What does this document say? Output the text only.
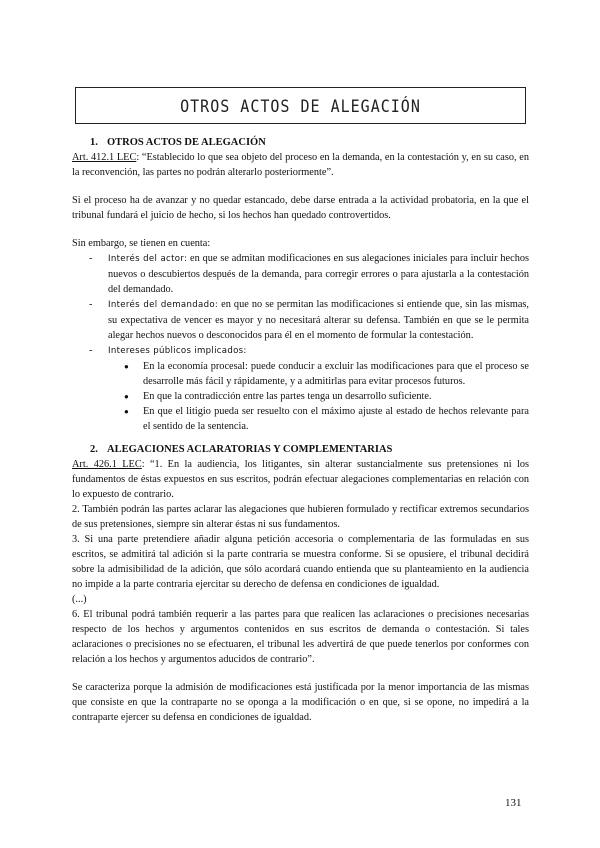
OTROS ACTOS DE ALEGACIÓN
1. OTROS ACTOS DE ALEGACIÓN

Art. 412.1 LEC: “Establecido lo que sea objeto del proceso en la demanda, en la contestación y, en su caso, en la reconvención, las partes no podrán alterarlo posteriormente”.

Si el proceso ha de avanzar y no quedar estancado, debe darse entrada a la actividad probatoria, en la que el tribunal fundará el juicio de hecho, si los hechos han quedado controvertidos.

Sin embargo, se tienen en cuenta:

- Interés del actor: en que se admitan modificaciones en sus alegaciones iniciales para incluir hechos nuevos o descubiertos después de la demanda, para corregir errores o para ajustarla a la contestación del demandado.
- Interés del demandado: en que no se permitan las modificaciones si entiende que, sin las mismas, su expectativa de vencer es mayor y no necesitará alterar su defensa. También en que se le permita alegar hechos nuevos o desconocidos para él en el momento de formular la contestación.
- Intereses públicos implicados:
● En la economía procesal: puede conducir a excluir las modificaciones para que el proceso se desarrolle más fácil y rápidamente, y a admitirlas para evitar procesos futuros.
● En que la contradicción entre las partes tenga un desarrollo suficiente.
● En que el litigio pueda ser resuelto con el máximo ajuste al estado de hechos relevante para el sentido de la sentencia.
2. ALEGACIONES ACLARATORIAS Y COMPLEMENTARIAS

Art. 426.1 LEC: “1. En la audiencia, los litigantes, sin alterar sustancialmente sus pretensiones ni los fundamentos de éstas expuestos en sus escritos, podrán efectuar alegaciones complementarias en relación con lo expuesto de contrario.

2. También podrán las partes aclarar las alegaciones que hubieren formulado y rectificar extremos secundarios de sus pretensiones, siempre sin alterar éstas ni sus fundamentos.

3. Si una parte pretendiere añadir alguna petición accesoria o complementaria de las formuladas en sus escritos, se admitirá tal adición si la parte contraria se muestra conforme. Si se opusiere, el tribunal decidirá sobre la admisibilidad de la adición, que sólo acordará cuando entienda que su planteamiento en la audiencia no impide a la parte contraria ejercitar su derecho de defensa en condiciones de igualdad.

(...)

6. El tribunal podrá también requerir a las partes para que realicen las aclaraciones o precisiones necesarias respecto de los hechos y argumentos contenidos en sus escritos de demanda o contestación. Si tales aclaraciones o precisiones no se efectuaren, el tribunal les advertirá de que puede tenerlos por conformes con relación a los hechos y argumentos aducidos de contrario”.

Se caracteriza porque la admisión de modificaciones está justificada por la menor importancia de las mismas que consiste en que la contraparte no se oponga a la modificación o en que, si se opone, no impedirá a la contraparte ejercer su defensa en condiciones de igualdad.

131
